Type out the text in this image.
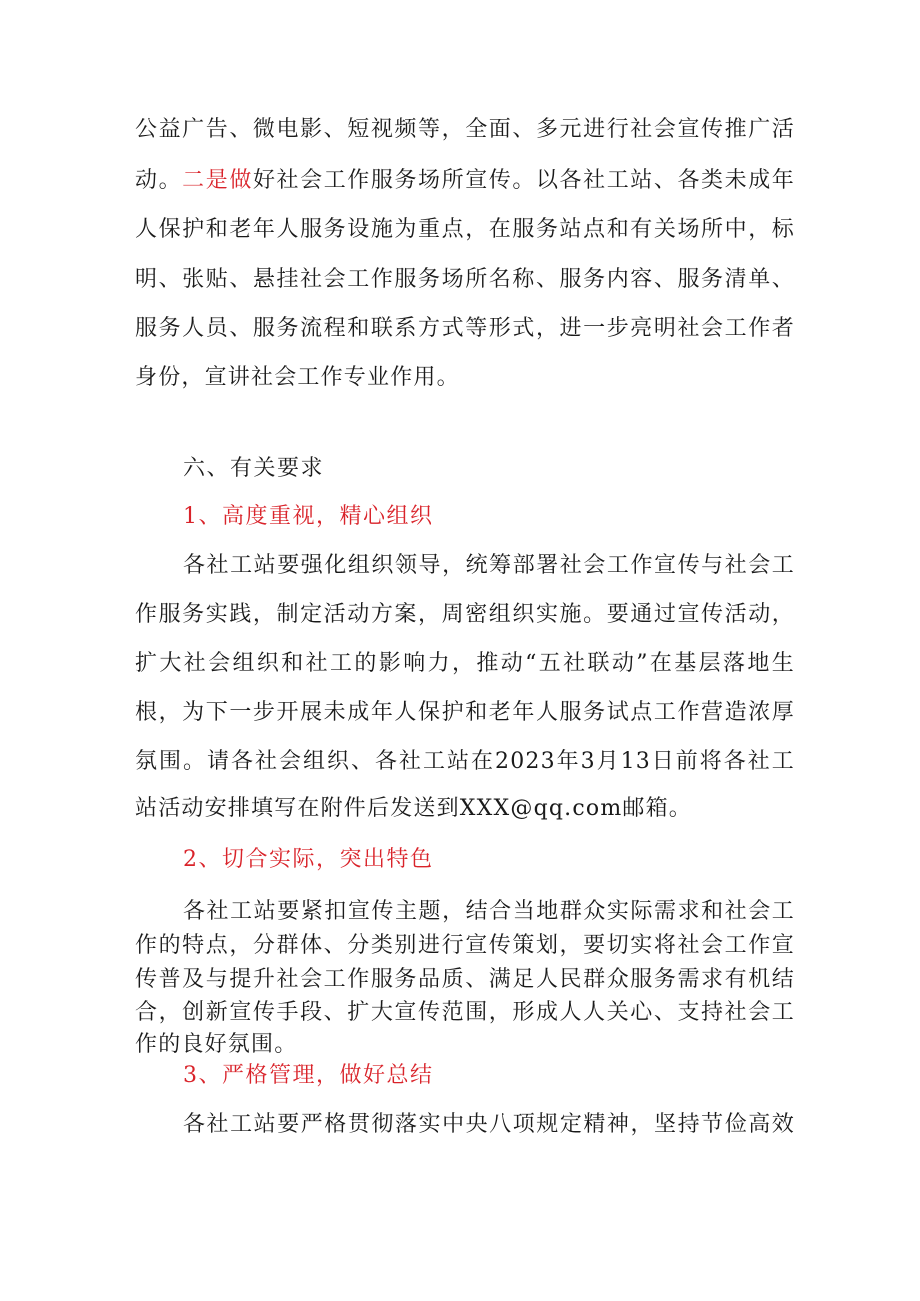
公益广告、微电影、短视频等，全面、多元进行社会宣传推广活
动。二是做好社会工作服务场所宣传。以各社工站、各类未成年
人保护和老年人服务设施为重点，在服务站点和有关场所中，标
明、张贴、悬挂社会工作服务场所名称、服务内容、服务清单、
服务人员、服务流程和联系方式等形式，进一步亮明社会工作者
身份，宣讲社会工作专业作用。
六、有关要求
1、高度重视，精心组织
各社工站要强化组织领导，统筹部署社会工作宣传与社会工
作服务实践，制定活动方案，周密组织实施。要通过宣传活动，
扩大社会组织和社工的影响力，推动“五社联动”在基层落地生
根，为下一步开展未成年人保护和老年人服务试点工作营造浓厚
氛围。请各社会组织、各社工站在2023年3月13日前将各社工
站活动安排填写在附件后发送到XXX@qq.com邮箱。
2、切合实际，突出特色
各社工站要紧扣宣传主题，结合当地群众实际需求和社会工
作的特点，分群体、分类别进行宣传策划，要切实将社会工作宣
传普及与提升社会工作服务品质、满足人民群众服务需求有机结
合，创新宣传手段、扩大宣传范围，形成人人关心、支持社会工
作的良好氛围。
3、严格管理，做好总结
各社工站要严格贯彻落实中央八项规定精神，坚持节俭高效
